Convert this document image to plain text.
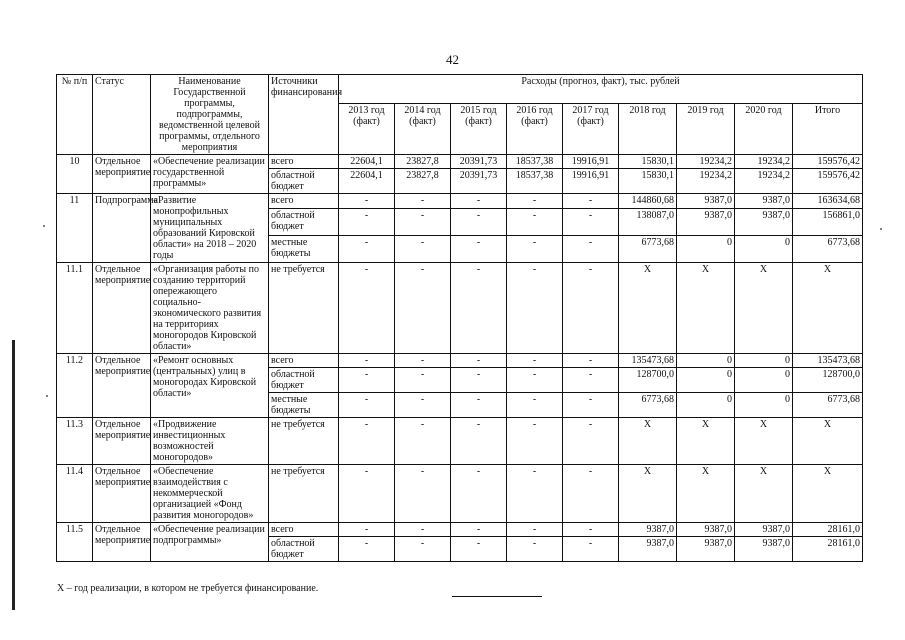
42
№ п/п	Статус	Наименование Государственной программы, подпрограммы, ведомственной целевой программы, отдельного мероприятия	Источники финансирования	Расходы (прогноз, факт), тыс. рублей								
				2013 год (факт)	2014 год (факт)	2015 год (факт)	2016 год (факт)	2017 год (факт)	2018 год	2019 год	2020 год	Итого
10	Отдельное мероприятие	«Обеспечение реализации государственной программы»	всего	22604,1	23827,8	20391,73	18537,38	19916,91	15830,1	19234,2	19234,2	159576,42
			областной бюджет	22604,1	23827,8	20391,73	18537,38	19916,91	15830,1	19234,2	19234,2	159576,42
11	Подпрограмма	«Развитие монопрофильных муниципальных образований Кировской области» на 2018 – 2020 годы	всего	-	-	-	-	-	144860,68	9387,0	9387,0	163634,68
			областной бюджет	-	-	-	-	-	138087,0	9387,0	9387,0	156861,0
			местные бюджеты	-	-	-	-	-	6773,68	0	0	6773,68
11.1	Отдельное мероприятие	«Организация работы по созданию территорий опережающего социально-экономического развития на территориях моногородов Кировской области»	не требуется	-	-	-	-	-	X	X	X	X
11.2	Отдельное мероприятие	«Ремонт основных (центральных) улиц в моногородах Кировской области»	всего	-	-	-	-	-	135473,68	0	0	135473,68
			областной бюджет	-	-	-	-	-	128700,0	0	0	128700,0
			местные бюджеты	-	-	-	-	-	6773,68	0	0	6773,68
11.3	Отдельное мероприятие	«Продвижение инвестиционных возможностей моногородов»	не требуется	-	-	-	-	-	X	X	X	X
11.4	Отдельное мероприятие	«Обеспечение взаимодействия с некоммерческой организацией «Фонд развития моногородов»	не требуется	-	-	-	-	-	X	X	X	X
11.5	Отдельное мероприятие	«Обеспечение реализации подпрограммы»	всего	-	-	-	-	-	9387,0	9387,0	9387,0	28161,0
			областной бюджет	-	-	-	-	-	9387,0	9387,0	9387,0	28161,0
X – год реализации, в котором не требуется финансирование.
